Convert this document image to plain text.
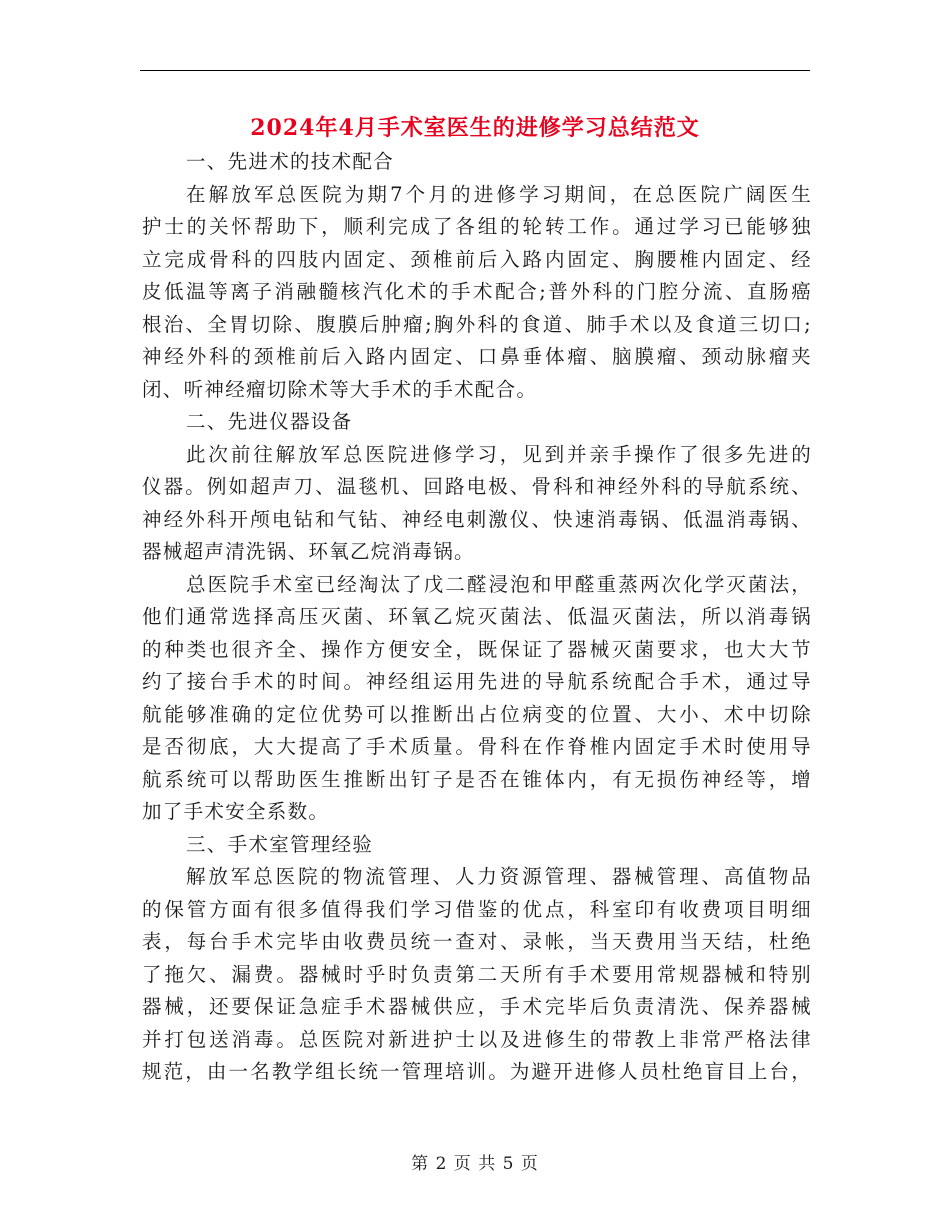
2024年4月手术室医生的进修学习总结范文
一、先进术的技术配合
在解放军总医院为期7个月的进修学习期间，在总医院广阔医生
护士的关怀帮助下，顺利完成了各组的轮转工作。通过学习已能够独
立完成骨科的四肢内固定、颈椎前后入路内固定、胸腰椎内固定、经
皮低温等离子消融髓核汽化术的手术配合;普外科的门腔分流、直肠癌
根治、全胃切除、腹膜后肿瘤;胸外科的食道、肺手术以及食道三切口;
神经外科的颈椎前后入路内固定、口鼻垂体瘤、脑膜瘤、颈动脉瘤夹
闭、听神经瘤切除术等大手术的手术配合。
二、先进仪器设备
此次前往解放军总医院进修学习，见到并亲手操作了很多先进的
仪器。例如超声刀、温毯机、回路电极、骨科和神经外科的导航系统、
神经外科开颅电钻和气钻、神经电刺激仪、快速消毒锅、低温消毒锅、
器械超声清洗锅、环氧乙烷消毒锅。
总医院手术室已经淘汰了戊二醛浸泡和甲醛重蒸两次化学灭菌法，
他们通常选择高压灭菌、环氧乙烷灭菌法、低温灭菌法，所以消毒锅
的种类也很齐全、操作方便安全，既保证了器械灭菌要求，也大大节
约了接台手术的时间。神经组运用先进的导航系统配合手术，通过导
航能够准确的定位优势可以推断出占位病变的位置、大小、术中切除
是否彻底，大大提高了手术质量。骨科在作脊椎内固定手术时使用导
航系统可以帮助医生推断出钉子是否在锥体内，有无损伤神经等，增
加了手术安全系数。
三、手术室管理经验
解放军总医院的物流管理、人力资源管理、器械管理、高值物品
的保管方面有很多值得我们学习借鉴的优点，科室印有收费项目明细
表，每台手术完毕由收费员统一查对、录帐，当天费用当天结，杜绝
了拖欠、漏费。器械时乎时负责第二天所有手术要用常规器械和特别
器械，还要保证急症手术器械供应，手术完毕后负责清洗、保养器械
并打包送消毒。总医院对新进护士以及进修生的带教上非常严格法律
规范，由一名教学组长统一管理培训。为避开进修人员杜绝盲目上台，
第 2 页 共 5 页
